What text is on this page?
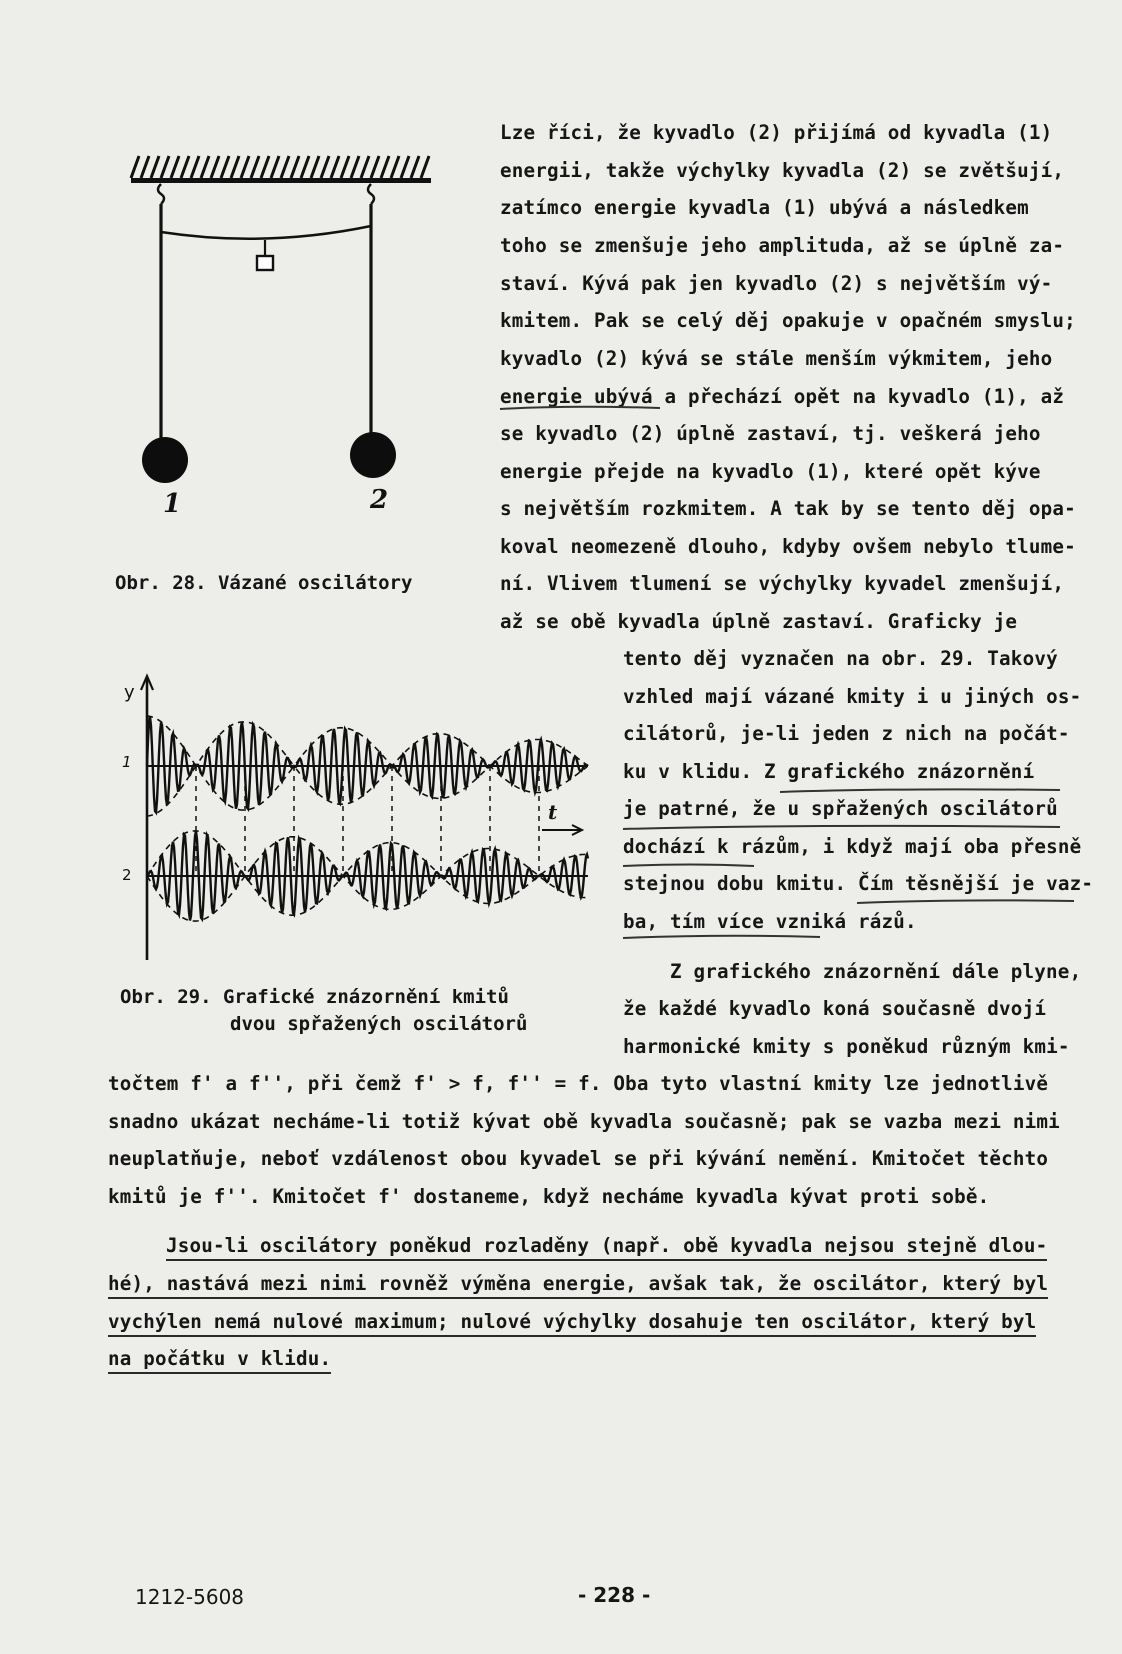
1	2
Obr. 28. Vázané oscilátory
y
1
2
t
Obr. 29. Grafické znázornění kmitů
dvou spřažených oscilátorů
Lze říci, že kyvadlo (2) přijímá od kyvadla (1)
energii, takže výchylky kyvadla (2) se zvětšují,
zatímco energie kyvadla (1) ubývá a následkem
toho se zmenšuje jeho amplituda, až se úplně za-
staví. Kývá pak jen kyvadlo (2) s největším vý-
kmitem. Pak se celý děj opakuje v opačném smyslu;
kyvadlo (2) kývá se stále menším výkmitem, jeho
energie ubývá a přechází opět na kyvadlo (1), až
se kyvadlo (2) úplně zastaví, tj. veškerá jeho
energie přejde na kyvadlo (1), které opět kýve
s největším rozkmitem. A tak by se tento děj opa-
koval neomezeně dlouho, kdyby ovšem nebylo tlume-
ní. Vlivem tlumení se výchylky kyvadel zmenšují,
až se obě kyvadla úplně zastaví. Graficky je
tento děj vyznačen na obr. 29. Takový
vzhled mají vázané kmity i u jiných os-
cilátorů, je-li jeden z nich na počát-
ku v klidu. Z grafického znázornění
je patrné, že u spřažených oscilátorů
dochází k rázům, i když mají oba přesně
stejnou dobu kmitu. Čím těsnější je vaz-
ba, tím více vzniká rázů.
Z grafického znázornění dále plyne,
že každé kyvadlo koná současně dvojí
harmonické kmity s poněkud různým kmi-
točtem f' a f'', při čemž f' > f, f'' = f. Oba tyto vlastní kmity lze jednotlivě
snadno ukázat necháme-li totiž kývat obě kyvadla současně; pak se vazba mezi nimi
neuplatňuje, neboť vzdálenost obou kyvadel se při kývání nemění. Kmitočet těchto
kmitů je f''. Kmitočet f' dostaneme, když necháme kyvadla kývat proti sobě.
Jsou-li oscilátory poněkud rozladěny (např. obě kyvadla nejsou stejně dlou-
hé), nastává mezi nimi rovněž výměna energie, avšak tak, že oscilátor, který byl
vychýlen nemá nulové maximum; nulové výchylky dosahuje ten oscilátor, který byl
na počátku v klidu.
1212-5608	- 228 -
